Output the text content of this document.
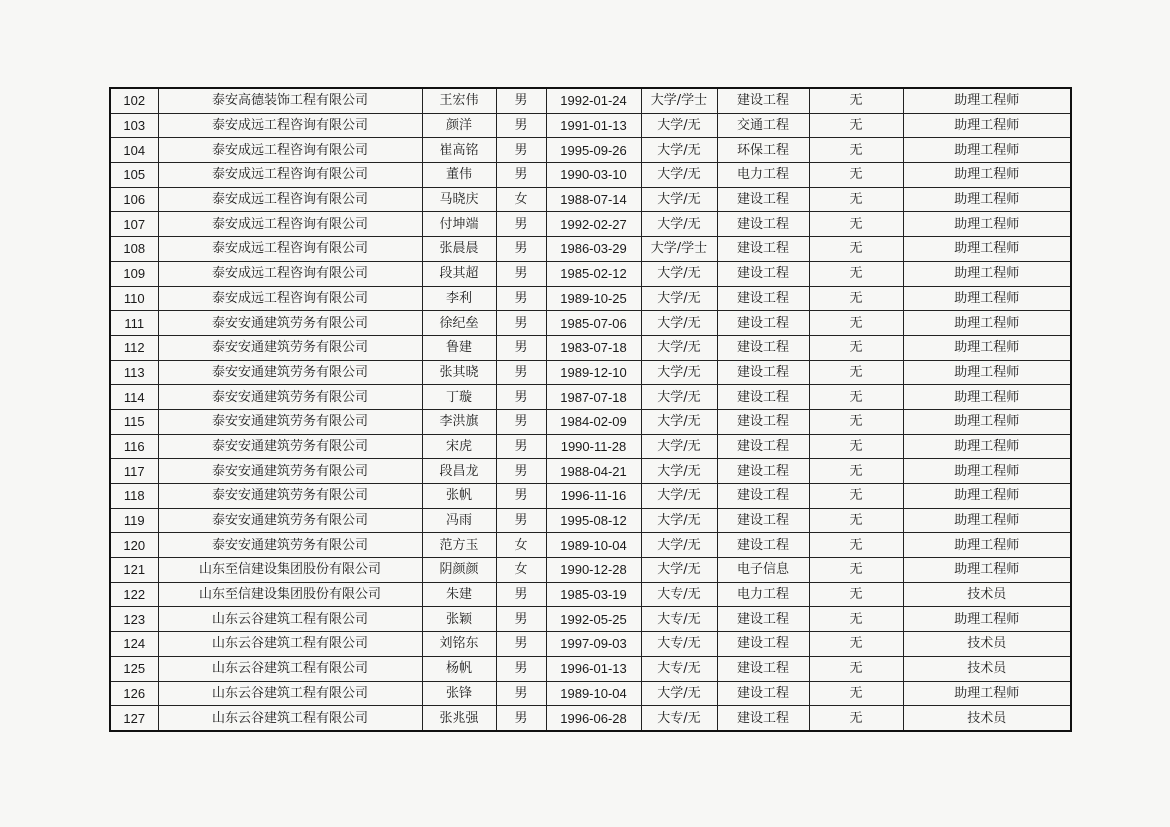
102	泰安高德装饰工程有限公司	王宏伟	男	1992-01-24	大学/学士	建设工程	无	助理工程师
103	泰安成远工程咨询有限公司	颜洋	男	1991-01-13	大学/无	交通工程	无	助理工程师
104	泰安成远工程咨询有限公司	崔高铭	男	1995-09-26	大学/无	环保工程	无	助理工程师
105	泰安成远工程咨询有限公司	董伟	男	1990-03-10	大学/无	电力工程	无	助理工程师
106	泰安成远工程咨询有限公司	马晓庆	女	1988-07-14	大学/无	建设工程	无	助理工程师
107	泰安成远工程咨询有限公司	付坤端	男	1992-02-27	大学/无	建设工程	无	助理工程师
108	泰安成远工程咨询有限公司	张晨晨	男	1986-03-29	大学/学士	建设工程	无	助理工程师
109	泰安成远工程咨询有限公司	段其超	男	1985-02-12	大学/无	建设工程	无	助理工程师
110	泰安成远工程咨询有限公司	李利	男	1989-10-25	大学/无	建设工程	无	助理工程师
111	泰安安通建筑劳务有限公司	徐纪垒	男	1985-07-06	大学/无	建设工程	无	助理工程师
112	泰安安通建筑劳务有限公司	鲁建	男	1983-07-18	大学/无	建设工程	无	助理工程师
113	泰安安通建筑劳务有限公司	张其晓	男	1989-12-10	大学/无	建设工程	无	助理工程师
114	泰安安通建筑劳务有限公司	丁璇	男	1987-07-18	大学/无	建设工程	无	助理工程师
115	泰安安通建筑劳务有限公司	李洪旗	男	1984-02-09	大学/无	建设工程	无	助理工程师
116	泰安安通建筑劳务有限公司	宋虎	男	1990-11-28	大学/无	建设工程	无	助理工程师
117	泰安安通建筑劳务有限公司	段昌龙	男	1988-04-21	大学/无	建设工程	无	助理工程师
118	泰安安通建筑劳务有限公司	张帆	男	1996-11-16	大学/无	建设工程	无	助理工程师
119	泰安安通建筑劳务有限公司	冯雨	男	1995-08-12	大学/无	建设工程	无	助理工程师
120	泰安安通建筑劳务有限公司	范方玉	女	1989-10-04	大学/无	建设工程	无	助理工程师
121	山东至信建设集团股份有限公司	阴颜颜	女	1990-12-28	大学/无	电子信息	无	助理工程师
122	山东至信建设集团股份有限公司	朱建	男	1985-03-19	大专/无	电力工程	无	技术员
123	山东云谷建筑工程有限公司	张颖	男	1992-05-25	大专/无	建设工程	无	助理工程师
124	山东云谷建筑工程有限公司	刘铭东	男	1997-09-03	大专/无	建设工程	无	技术员
125	山东云谷建筑工程有限公司	杨帆	男	1996-01-13	大专/无	建设工程	无	技术员
126	山东云谷建筑工程有限公司	张锋	男	1989-10-04	大学/无	建设工程	无	助理工程师
127	山东云谷建筑工程有限公司	张兆强	男	1996-06-28	大专/无	建设工程	无	技术员
